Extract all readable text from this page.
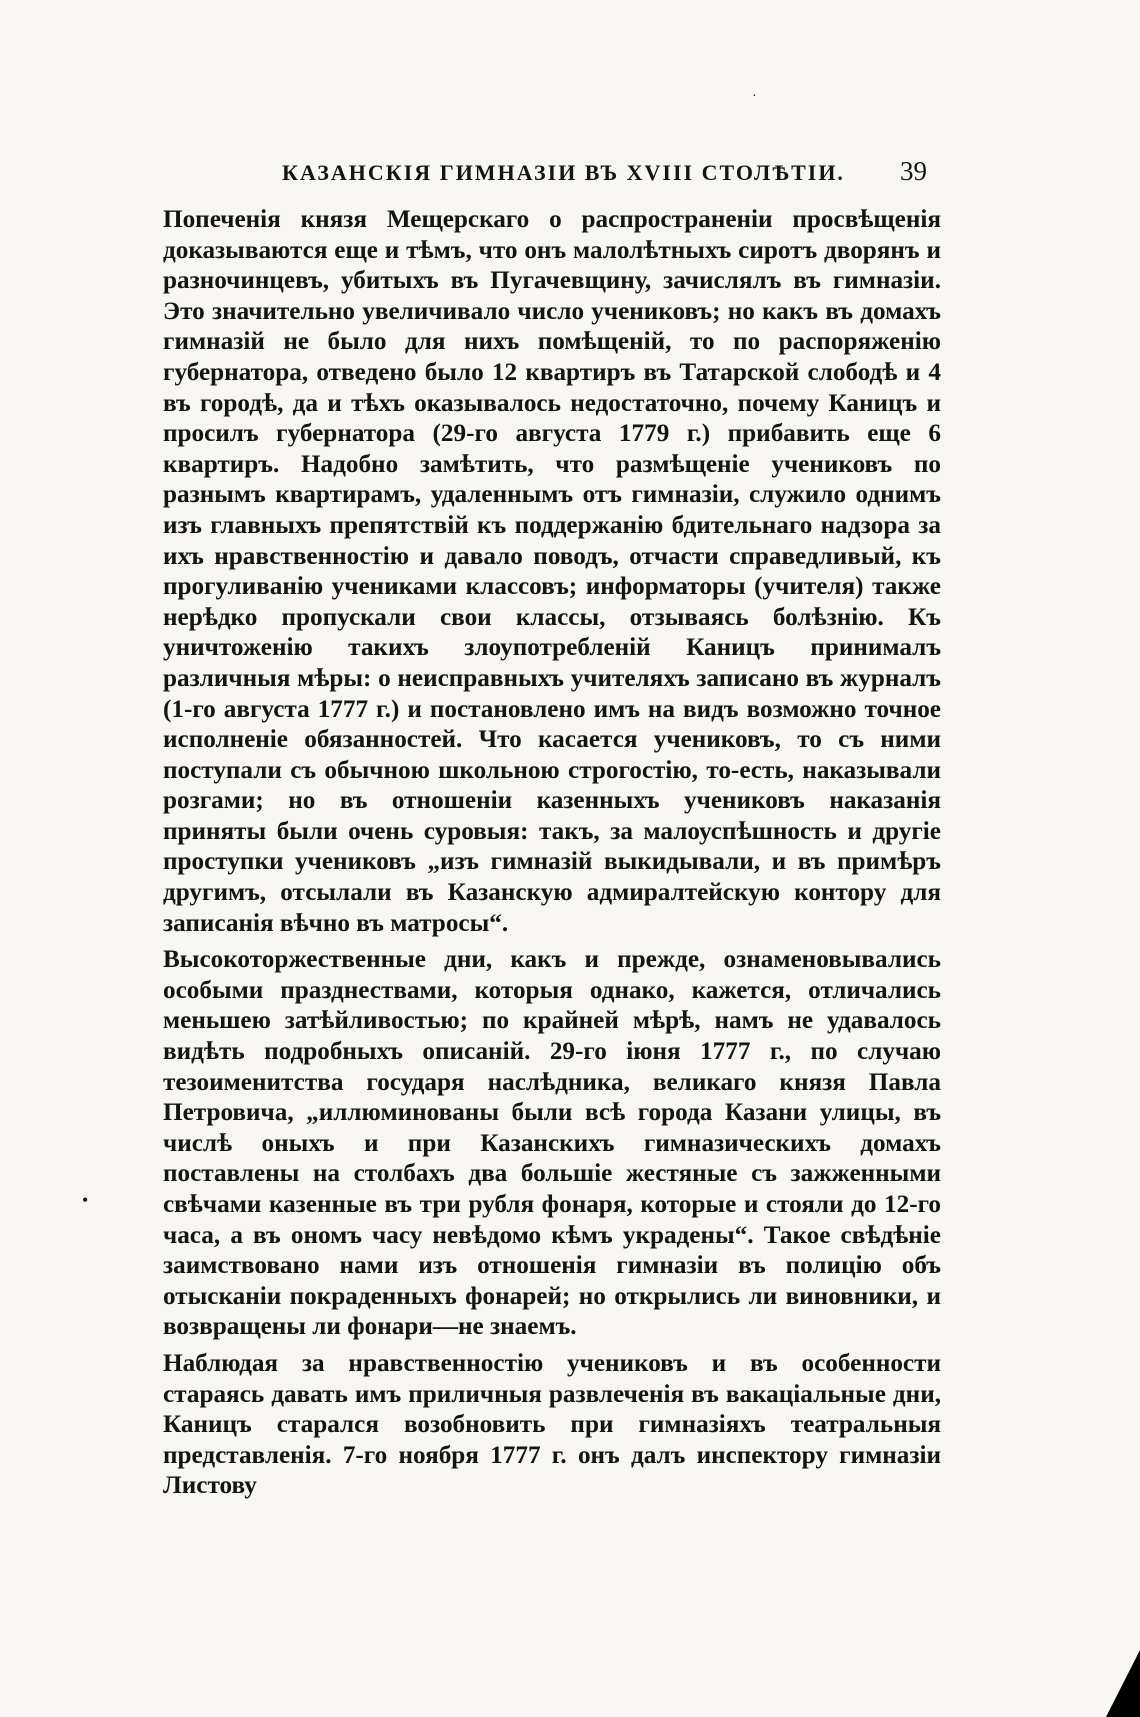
·
КАЗАНСКІЯ ГИМНАЗІИ ВЪ XVIII СТОЛѢТІИ. 39

Попеченія князя Мещерскаго о распространеніи просвѣщенія доказываются еще и тѣмъ, что онъ малолѣтныхъ сиротъ дворянъ и разночинцевъ, убитыхъ въ Пугачевщину, зачислялъ въ гимназіи. Это значительно увеличивало число учениковъ; но какъ въ домахъ гимназій не было для нихъ помѣщеній, то по распоряженію губернатора, отведено было 12 квартиръ въ Татарской слободѣ и 4 въ городѣ, да и тѣхъ оказывалось недостаточно, почему Каницъ и просилъ губернатора (29-го августа 1779 г.) прибавить еще 6 квартиръ. Надобно замѣтить, что размѣщеніе учениковъ по разнымъ квартирамъ, удаленнымъ отъ гимназіи, служило однимъ изъ главныхъ препятствій къ поддержанію бдительнаго надзора за ихъ нравственностію и давало поводъ, отчасти справедливый, къ прогуливанію учениками классовъ; информаторы (учителя) также нерѣдко пропускали свои классы, отзываясь болѣзнію. Къ уничтоженію такихъ злоупотребленій Каницъ принималъ различныя мѣры: о неисправныхъ учителяхъ записано въ журналъ (1-го августа 1777 г.) и постановлено имъ на видъ возможно точное исполненіе обязанностей. Что касается учениковъ, то съ ними поступали съ обычною школьною строгостію, то-есть, наказывали розгами; но въ отношеніи казенныхъ учениковъ наказанія приняты были очень суровыя: такъ, за малоуспѣшность и другіе проступки учениковъ „изъ гимназій выкидывали, и въ примѣръ другимъ, отсылали въ Казанскую адмиралтейскую контору для записанія вѣчно въ матросы“.

Высокоторжественные дни, какъ и прежде, ознаменовывались особыми празднествами, которыя однако, кажется, отличались меньшею затѣйливостью; по крайней мѣрѣ, намъ не удавалось видѣть подробныхъ описаній. 29-го іюня 1777 г., по случаю тезоименитства государя наслѣдника, великаго князя Павла Петровича, „иллюминованы были всѣ города Казани улицы, въ числѣ оныхъ и при Казанскихъ гимназическихъ домахъ поставлены на столбахъ два большіе жестяные съ зажженными свѣчами казенные въ три рубля фонаря, которые и стояли до 12-го часа, а въ ономъ часу невѣдомо кѣмъ украдены“. Такое свѣдѣніе заимствовано нами изъ отношенія гимназіи въ полицію объ отысканіи покраденныхъ фонарей; но открылись ли виновники, и возвращены ли фонари—не знаемъ.

Наблюдая за нравственностію учениковъ и въ особенности стараясь давать имъ приличныя развлеченія въ вакаціальные дни, Каницъ старался возобновить при гимназіяхъ театральныя представленія. 7-го ноября 1777 г. онъ далъ инспектору гимназіи Листову

•
